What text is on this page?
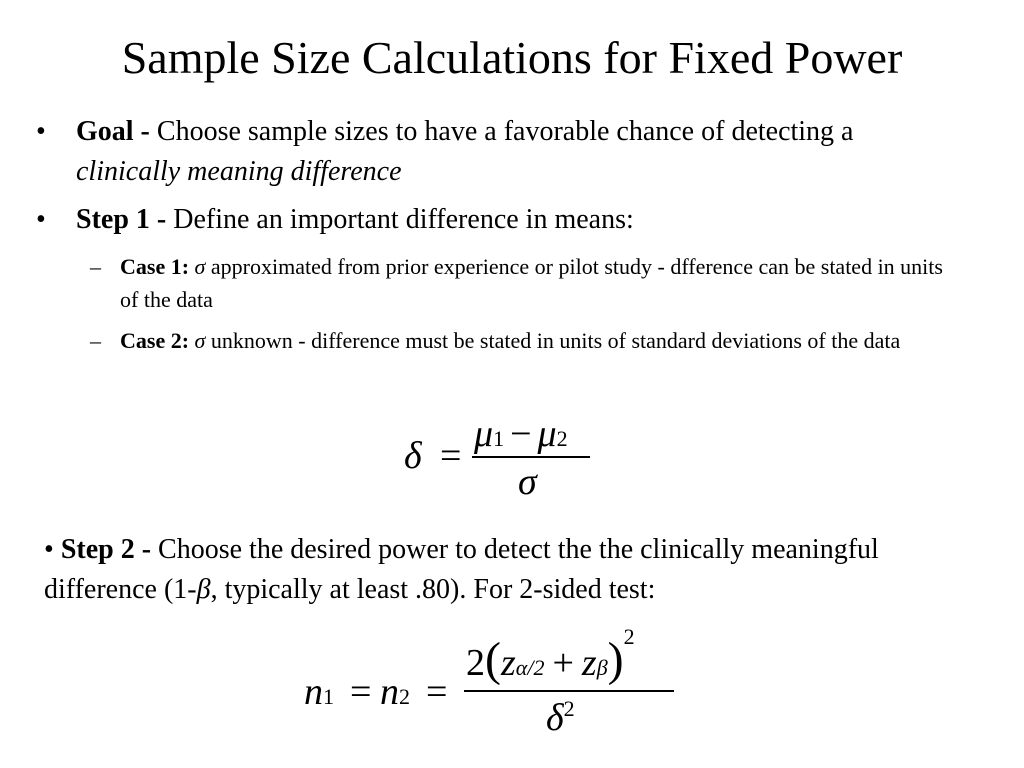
Sample Size Calculations for Fixed Power
• Goal - Choose sample sizes to have a favorable chance of detecting a clinically meaning difference
• Step 1 - Define an important difference in means:
– Case 1: σ approximated from prior experience or pilot study - dfference can be stated in units of the data
– Case 2: σ unknown - difference must be stated in units of standard deviations of the data
δ =
μ1 − μ2
σ
• Step 2 - Choose the desired power to detect the the clinically meaningful difference (1-β, typically at least .80). For 2-sided test:
n1 = n2 =
$2(z\alpha/2 + z\beta)^2$
$\delta^2$
